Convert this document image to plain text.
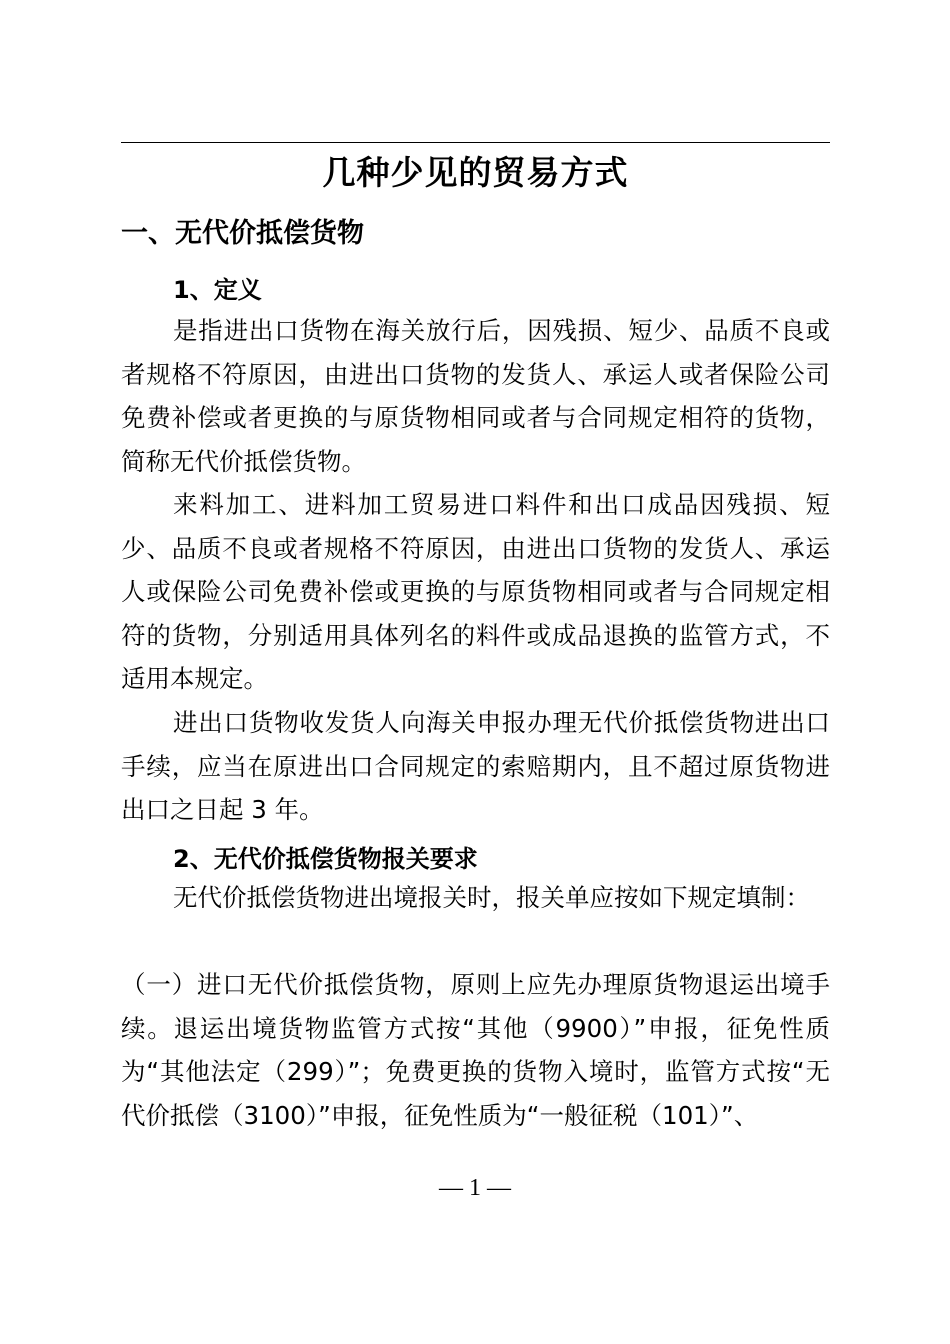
几种少见的贸易方式
一、无代价抵偿货物
1、定义

是指进出口货物在海关放行后，因残损、短少、品质不良或者规格不符原因，由进出口货物的发货人、承运人或者保险公司免费补偿或者更换的与原货物相同或者与合同规定相符的货物，简称无代价抵偿货物。

来料加工、进料加工贸易进口料件和出口成品因残损、短少、品质不良或者规格不符原因，由进出口货物的发货人、承运人或保险公司免费补偿或更换的与原货物相同或者与合同规定相符的货物，分别适用具体列名的料件或成品退换的监管方式，不适用本规定。

进出口货物收发货人向海关申报办理无代价抵偿货物进出口手续，应当在原进出口合同规定的索赔期内，且不超过原货物进出口之日起 3 年。

2、无代价抵偿货物报关要求

无代价抵偿货物进出境报关时，报关单应按如下规定填制：

（一）进口无代价抵偿货物，原则上应先办理原货物退运出境手续。退运出境货物监管方式按“其他（9900）”申报，征免性质为“其他法定（299）”；免费更换的货物入境时，监管方式按“无代价抵偿（3100）”申报，征免性质为“一般征税（101）”、

— 1 —
